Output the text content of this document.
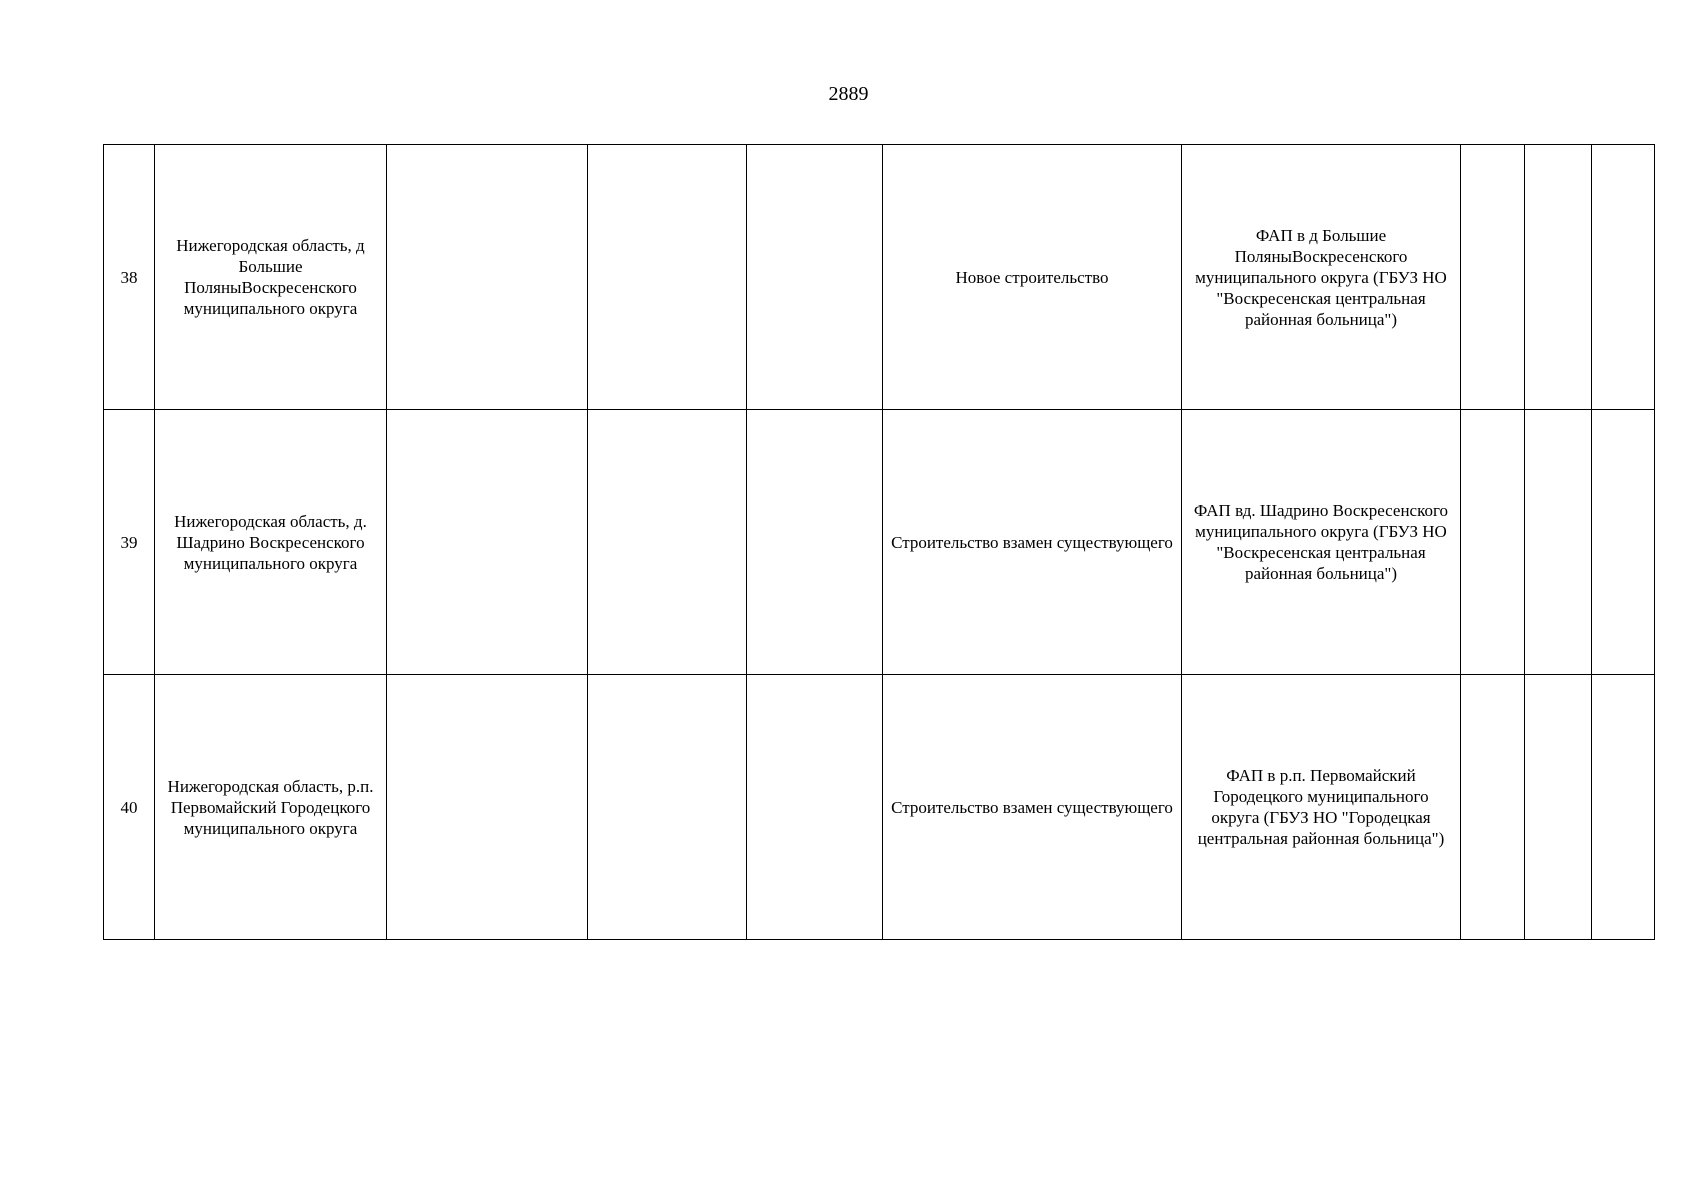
2889
38	Нижегородская область, д Большие ПоляныВоскресенского муниципального округа				Новое строительство	ФАП в д Большие ПоляныВоскресенского муниципального округа (ГБУЗ НО "Воскресенская центральная районная больница")			
39	Нижегородская область, д. Шадрино Воскресенского муниципального округа				Строительство взамен существующего	ФАП вд. Шадрино Воскресенского муниципального округа (ГБУЗ НО "Воскресенская центральная районная больница")			
40	Нижегородская область, р.п. Первомайский Городецкого муниципального округа				Строительство взамен существующего	ФАП в р.п. Первомайский Городецкого муниципального округа (ГБУЗ НО "Городецкая центральная районная больница")			
